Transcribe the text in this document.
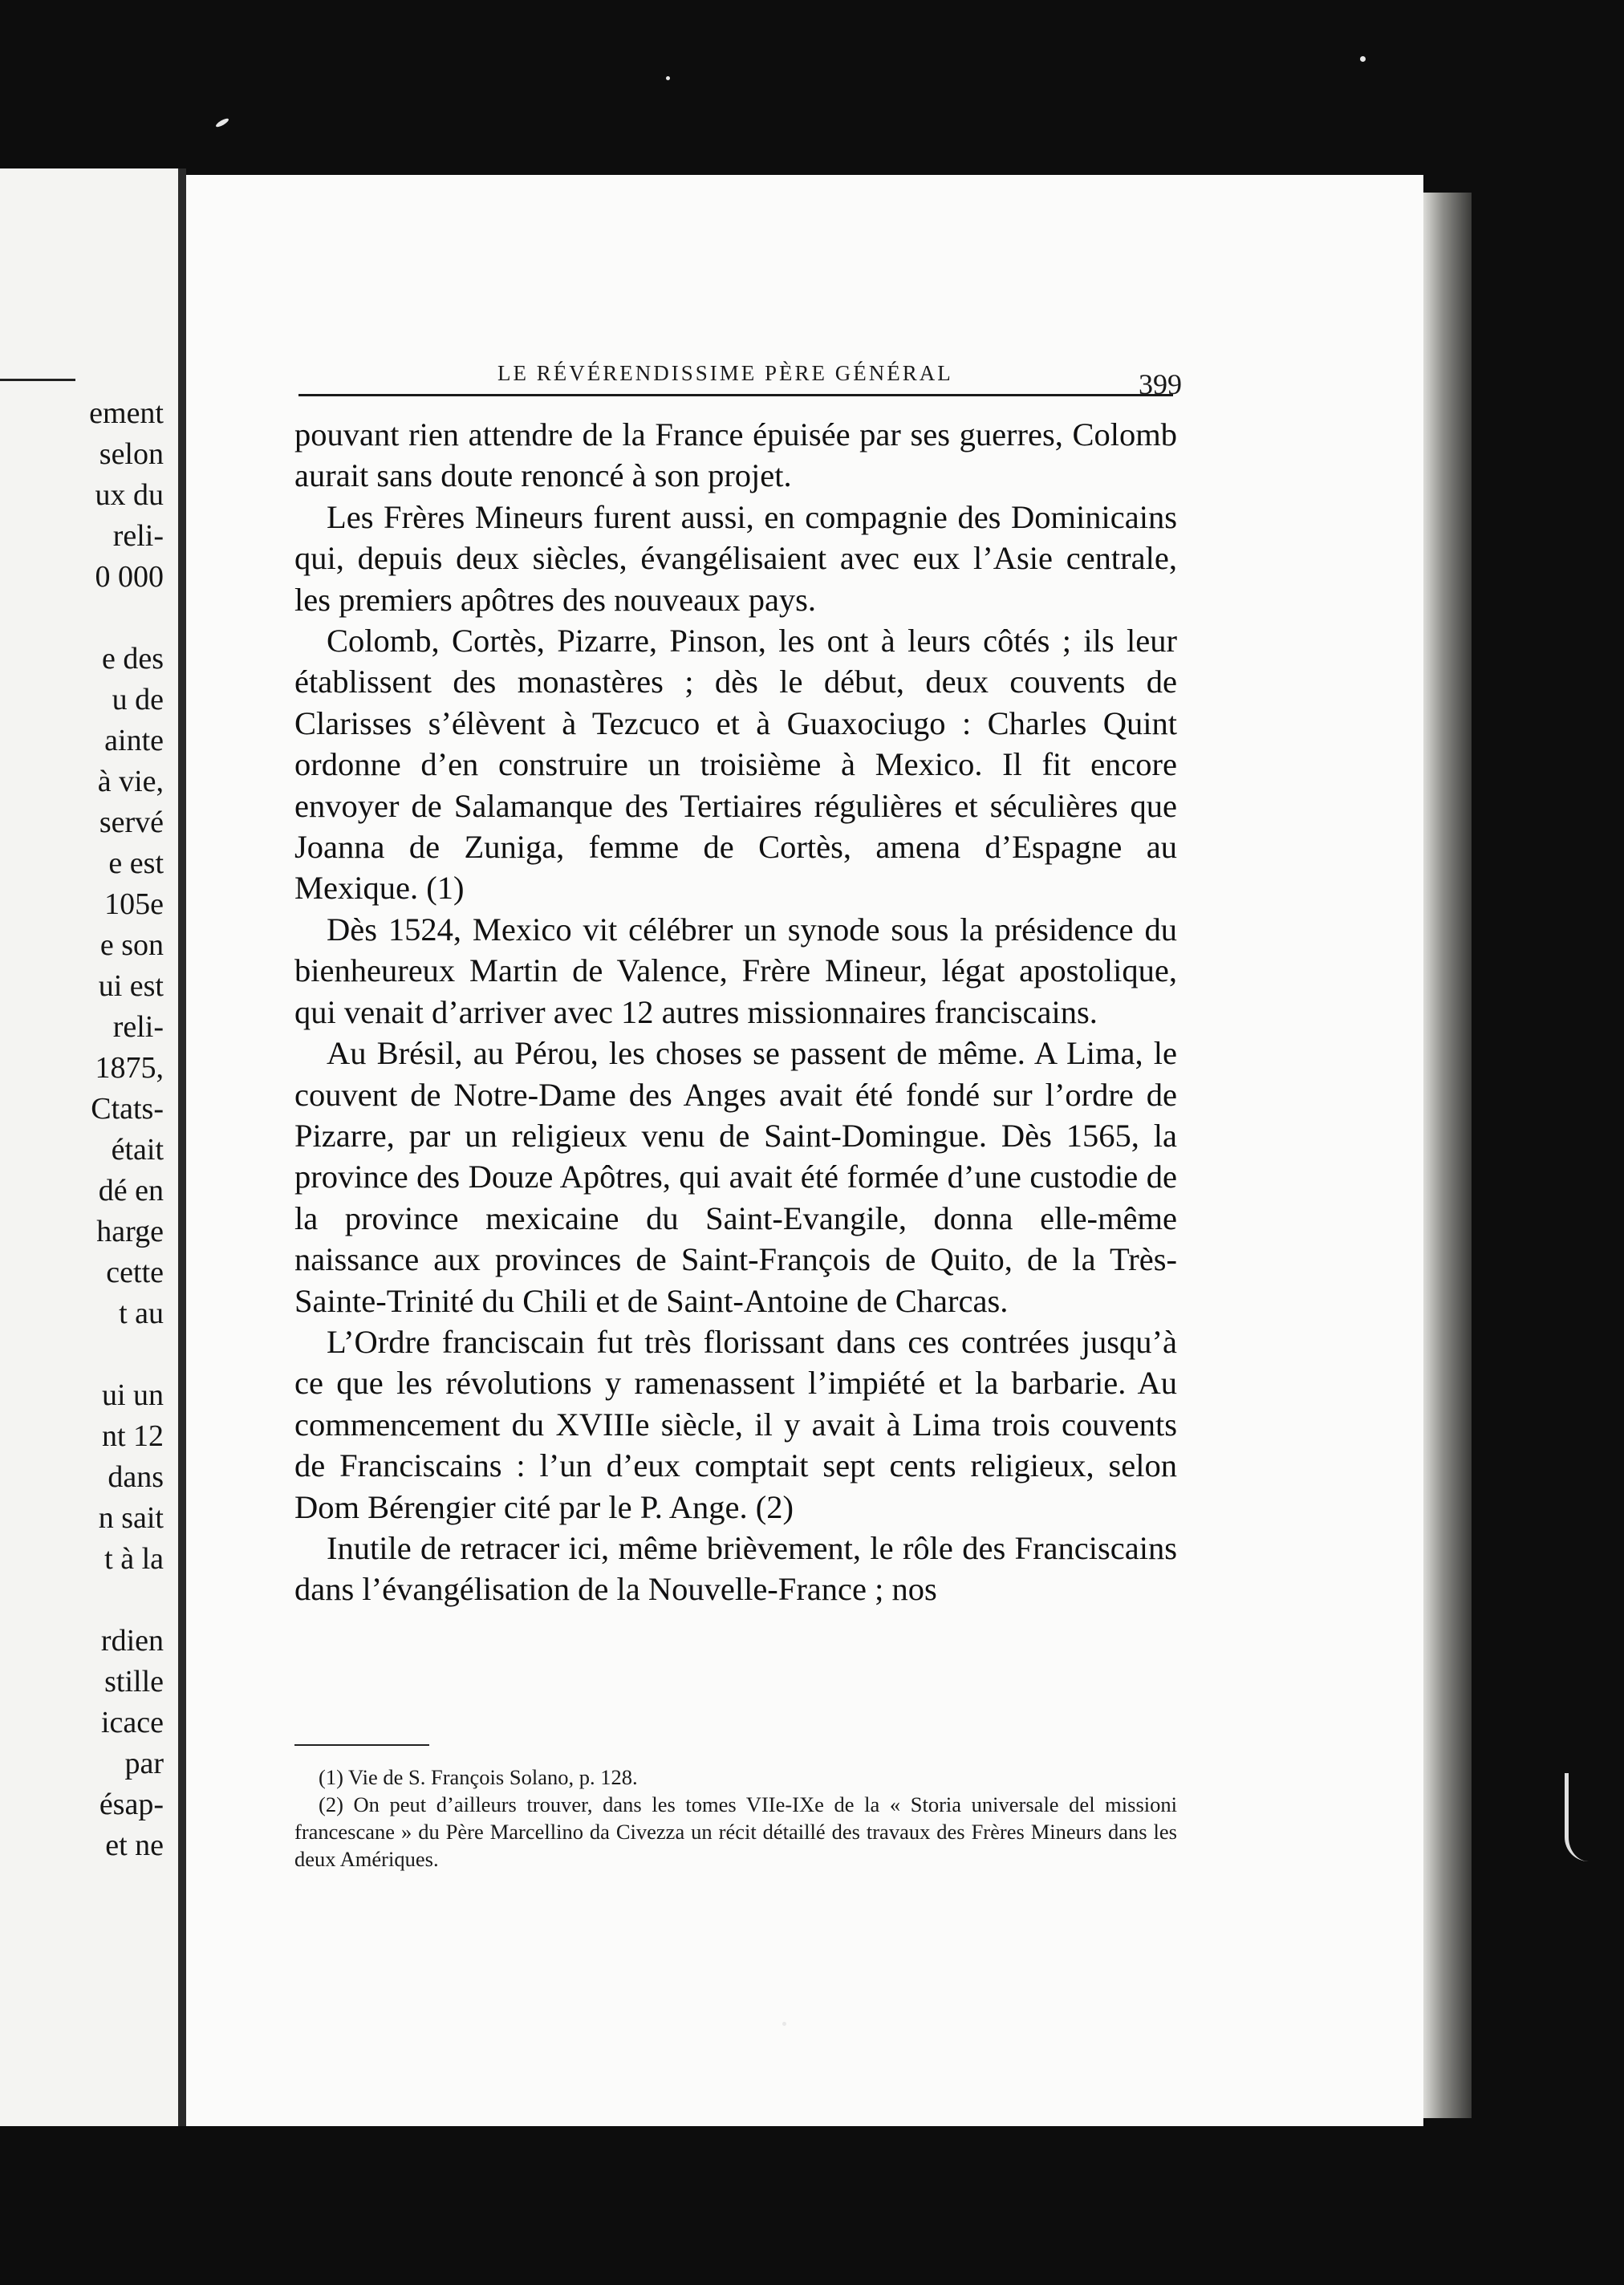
ement
selon
ux du
reli-
0 000
e des
u de
ainte
à vie,
servé
e est
105e
e son
ui est
reli-
1875,
Ctats-
était
dé en
harge
cette
t au
ui un
nt 12
dans
n sait
t à la
rdien
stille
icace
par
ésap-
et ne
LE RÉVÉRENDISSIME PÈRE GÉNÉRAL	399

pouvant rien attendre de la France épuisée par ses guerres, Colomb aurait sans doute renoncé à son projet.

Les Frères Mineurs furent aussi, en compagnie des Dominicains qui, depuis deux siècles, évangélisaient avec eux l’Asie centrale, les premiers apôtres des nouveaux pays.

Colomb, Cortès, Pizarre, Pinson, les ont à leurs côtés ; ils leur établissent des monastères ; dès le début, deux couvents de Clarisses s’élèvent à Tezcuco et à Guaxociugo : Charles Quint ordonne d’en construire un troisième à Mexico. Il fit encore envoyer de Salamanque des Tertiaires régulières et séculières que Joanna de Zuniga, femme de Cortès, amena d’Espagne au Mexique. (1)

Dès 1524, Mexico vit célébrer un synode sous la présidence du bienheureux Martin de Valence, Frère Mineur, légat apostolique, qui venait d’arriver avec 12 autres missionnaires franciscains.

Au Brésil, au Pérou, les choses se passent de même. A Lima, le couvent de Notre-Dame des Anges avait été fondé sur l’ordre de Pizarre, par un religieux venu de Saint-Domingue. Dès 1565, la province des Douze Apôtres, qui avait été formée d’une custodie de la province mexicaine du Saint-Evangile, donna elle-même naissance aux provinces de Saint-François de Quito, de la Très-Sainte-Trinité du Chili et de Saint-Antoine de Charcas.

L’Ordre franciscain fut très florissant dans ces contrées jusqu’à ce que les révolutions y ramenassent l’impiété et la barbarie. Au commencement du XVIIIe siècle, il y avait à Lima trois couvents de Franciscains : l’un d’eux comptait sept cents religieux, selon Dom Bérengier cité par le P. Ange. (2)

Inutile de retracer ici, même brièvement, le rôle des Franciscains dans l’évangélisation de la Nouvelle-France ; nos

(1) Vie de S. François Solano, p. 128.

(2) On peut d’ailleurs trouver, dans les tomes VIIe-IXe de la « Storia universale del missioni francescane » du Père Marcellino da Civezza un récit détaillé des travaux des Frères Mineurs dans les deux Amériques.
